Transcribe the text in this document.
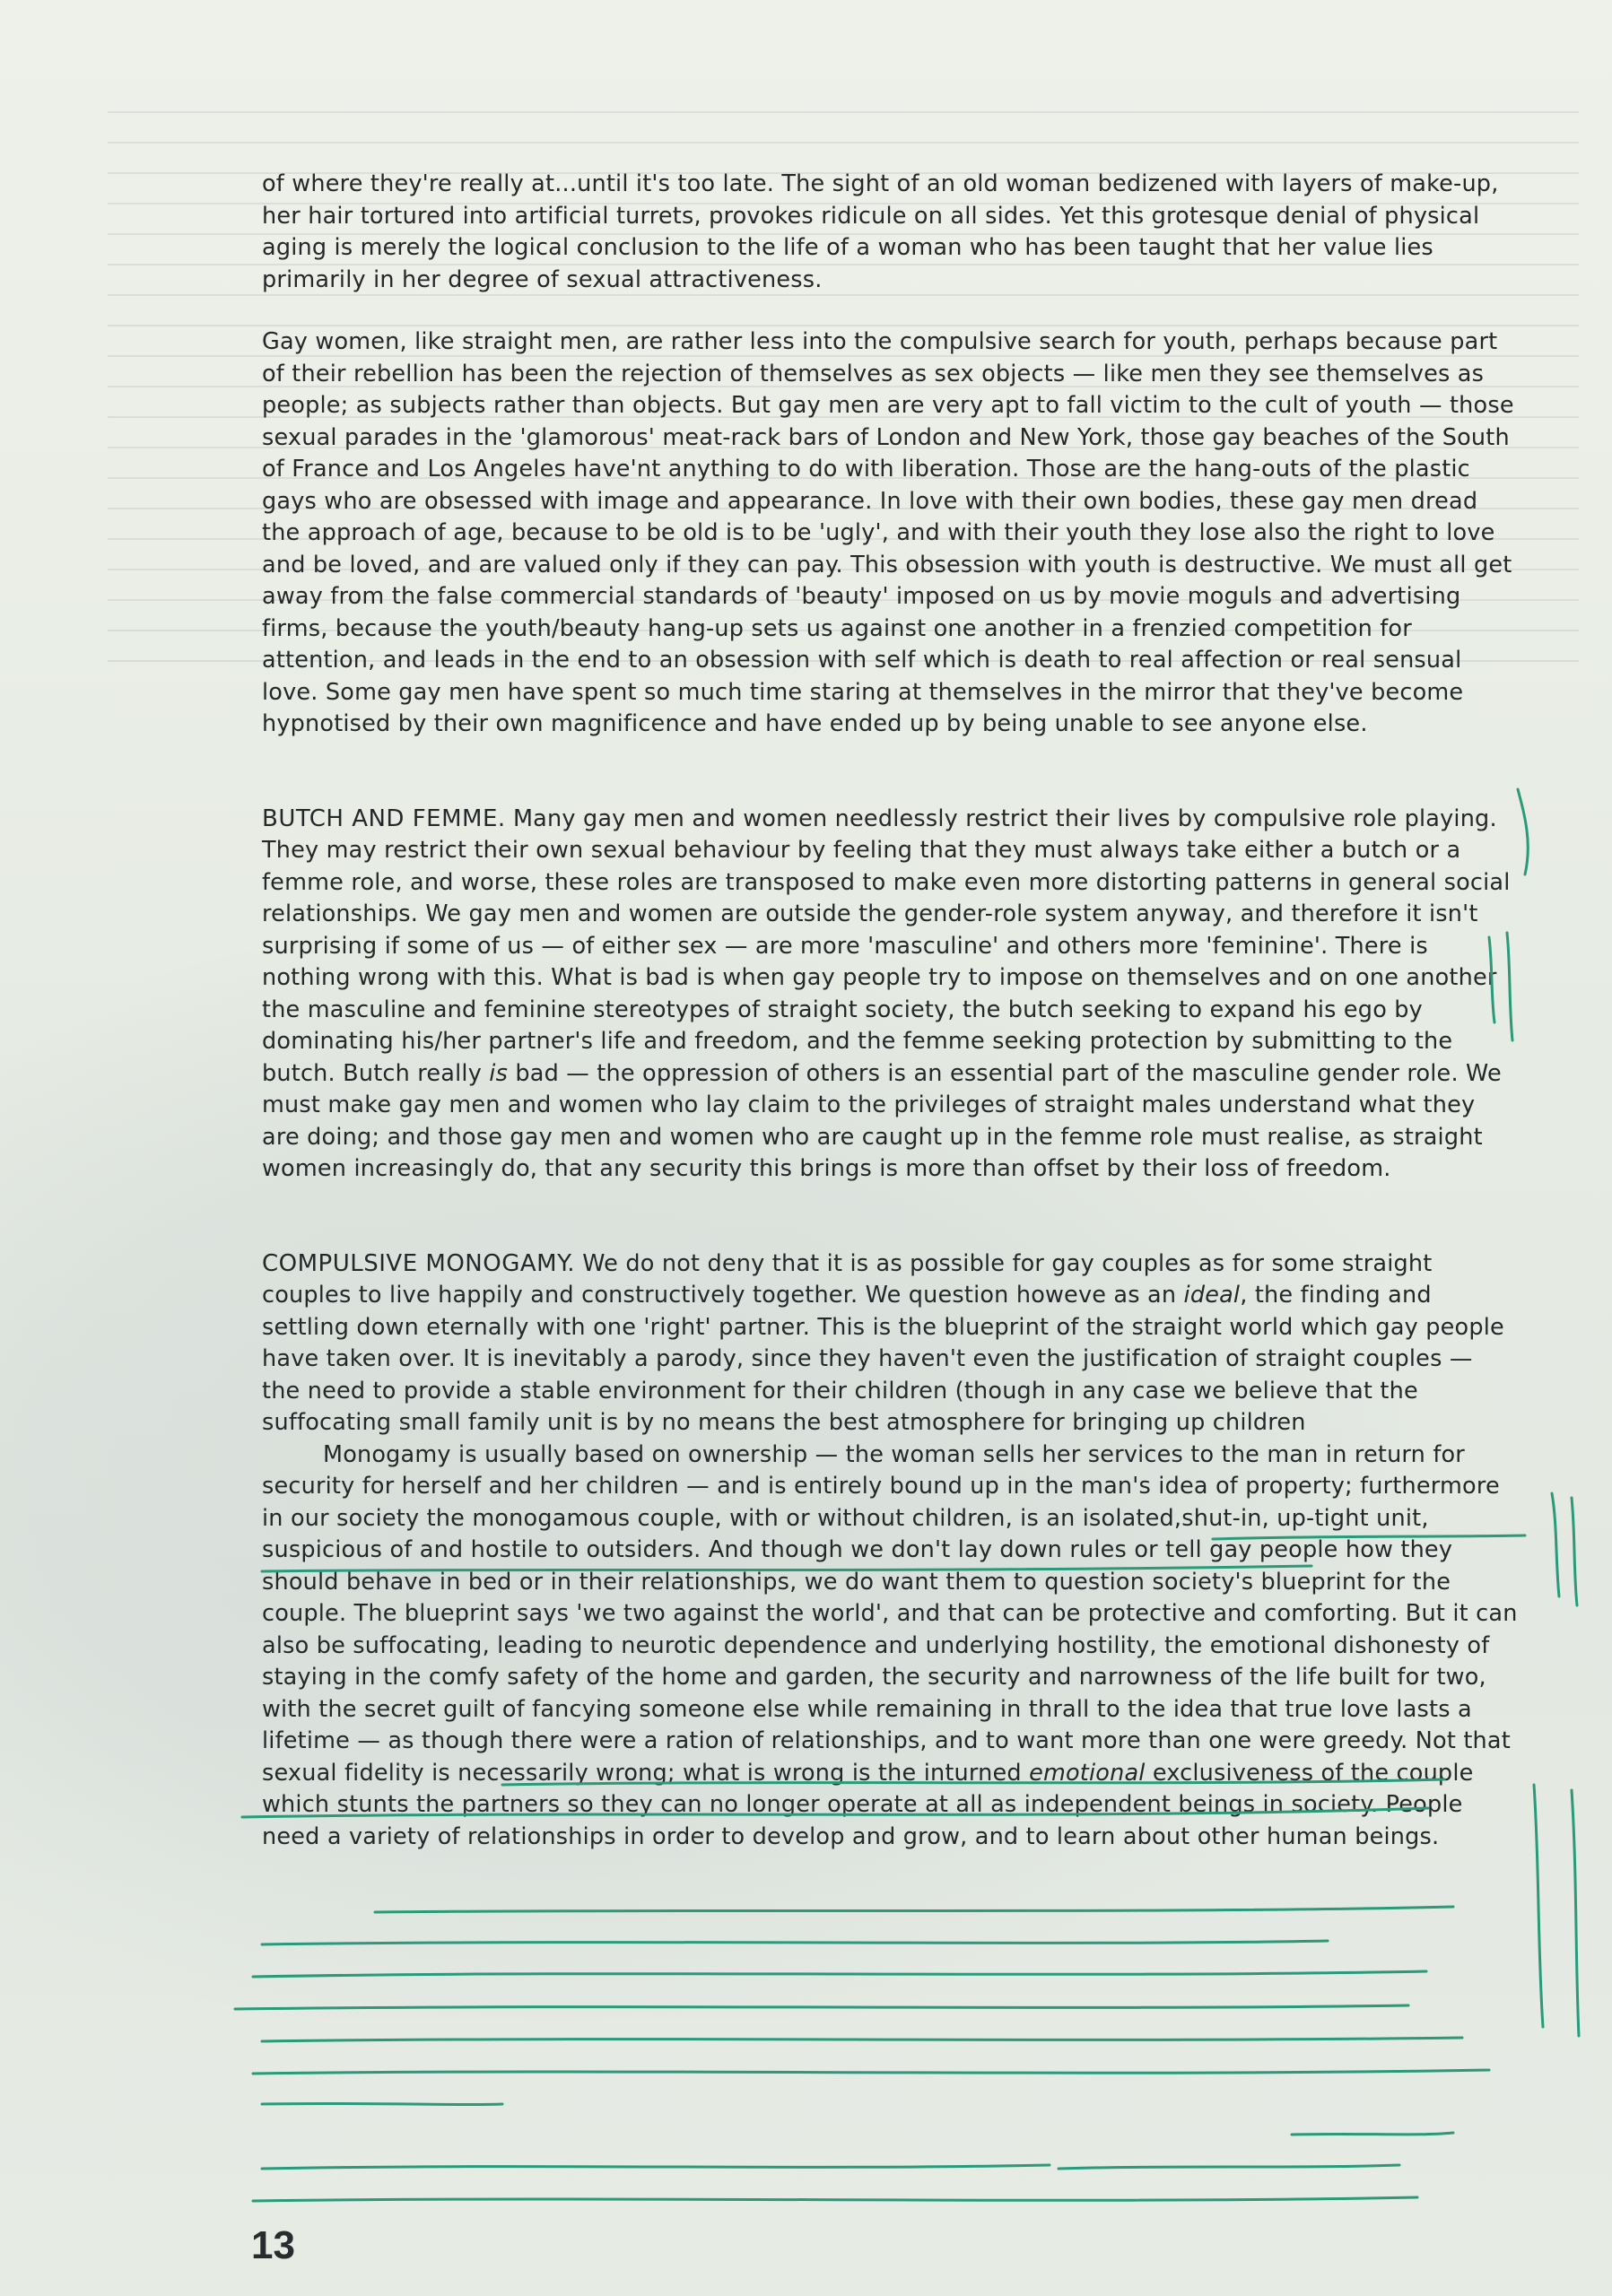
of where they're really at...until it's too late. The sight of an old woman bedizened with layers of make-up, her hair tortured into artificial turrets, provokes ridicule on all sides. Yet this grotesque denial of physical aging is merely the logical conclusion to the life of a woman who has been taught that her value lies primarily in her degree of sexual attractiveness.

Gay women, like straight men, are rather less into the compulsive search for youth, perhaps because part of their rebellion has been the rejection of themselves as sex objects — like men they see themselves as people; as subjects rather than objects. But gay men are very apt to fall victim to the cult of youth — those sexual parades in the 'glamorous' meat-rack bars of London and New York, those gay beaches of the South of France and Los Angeles have'nt anything to do with liberation. Those are the hang-outs of the plastic gays who are obsessed with image and appearance. In love with their own bodies, these gay men dread the approach of age, because to be old is to be 'ugly', and with their youth they lose also the right to love and be loved, and are valued only if they can pay. This obsession with youth is destructive. We must all get away from the false commercial standards of 'beauty' imposed on us by movie moguls and advertising firms, because the youth/beauty hang-up sets us against one another in a frenzied competition for attention, and leads in the end to an obsession with self which is death to real affection or real sensual love. Some gay men have spent so much time staring at themselves in the mirror that they've become hypnotised by their own magnificence and have ended up by being unable to see anyone else.

BUTCH AND FEMME. Many gay men and women needlessly restrict their lives by compulsive role playing. They may restrict their own sexual behaviour by feeling that they must always take either a butch or a femme role, and worse, these roles are transposed to make even more distorting patterns in general social relationships. We gay men and women are outside the gender-role system anyway, and therefore it isn't surprising if some of us — of either sex — are more 'masculine' and others more 'feminine'. There is nothing wrong with this. What is bad is when gay people try to impose on themselves and on one another the masculine and feminine stereotypes of straight society, the butch seeking to expand his ego by dominating his/her partner's life and freedom, and the femme seeking protection by submitting to the butch. Butch really is bad — the oppression of others is an essential part of the masculine gender role. We must make gay men and women who lay claim to the privileges of straight males understand what they are doing; and those gay men and women who are caught up in the femme role must realise, as straight women increasingly do, that any security this brings is more than offset by their loss of freedom.

COMPULSIVE MONOGAMY. We do not deny that it is as possible for gay couples as for some straight couples to live happily and constructively together. We question howeve as an ideal, the finding and settling down eternally with one 'right' partner. This is the blueprint of the straight world which gay people have taken over. It is inevitably a parody, since they haven't even the justification of straight couples — the need to provide a stable environment for their children (though in any case we believe that the suffocating small family unit is by no means the best atmosphere for bringing up children

Monogamy is usually based on ownership — the woman sells her services to the man in return for security for herself and her children — and is entirely bound up in the man's idea of property; furthermore in our society the monogamous couple, with or without children, is an isolated,shut-in, up-tight unit, suspicious of and hostile to outsiders. And though we don't lay down rules or tell gay people how they should behave in bed or in their relationships, we do want them to question society's blueprint for the couple. The blueprint says 'we two against the world', and that can be protective and comforting. But it can also be suffocating, leading to neurotic dependence and underlying hostility, the emotional dishonesty of staying in the comfy safety of the home and garden, the security and narrowness of the life built for two, with the secret guilt of fancying someone else while remaining in thrall to the idea that true love lasts a lifetime — as though there were a ration of relationships, and to want more than one were greedy. Not that sexual fidelity is necessarily wrong; what is wrong is the inturned emotional exclusiveness of the couple which stunts the partners so they can no longer operate at all as independent beings in society. People need a variety of relationships in order to develop and grow, and to learn about other human beings.

13
